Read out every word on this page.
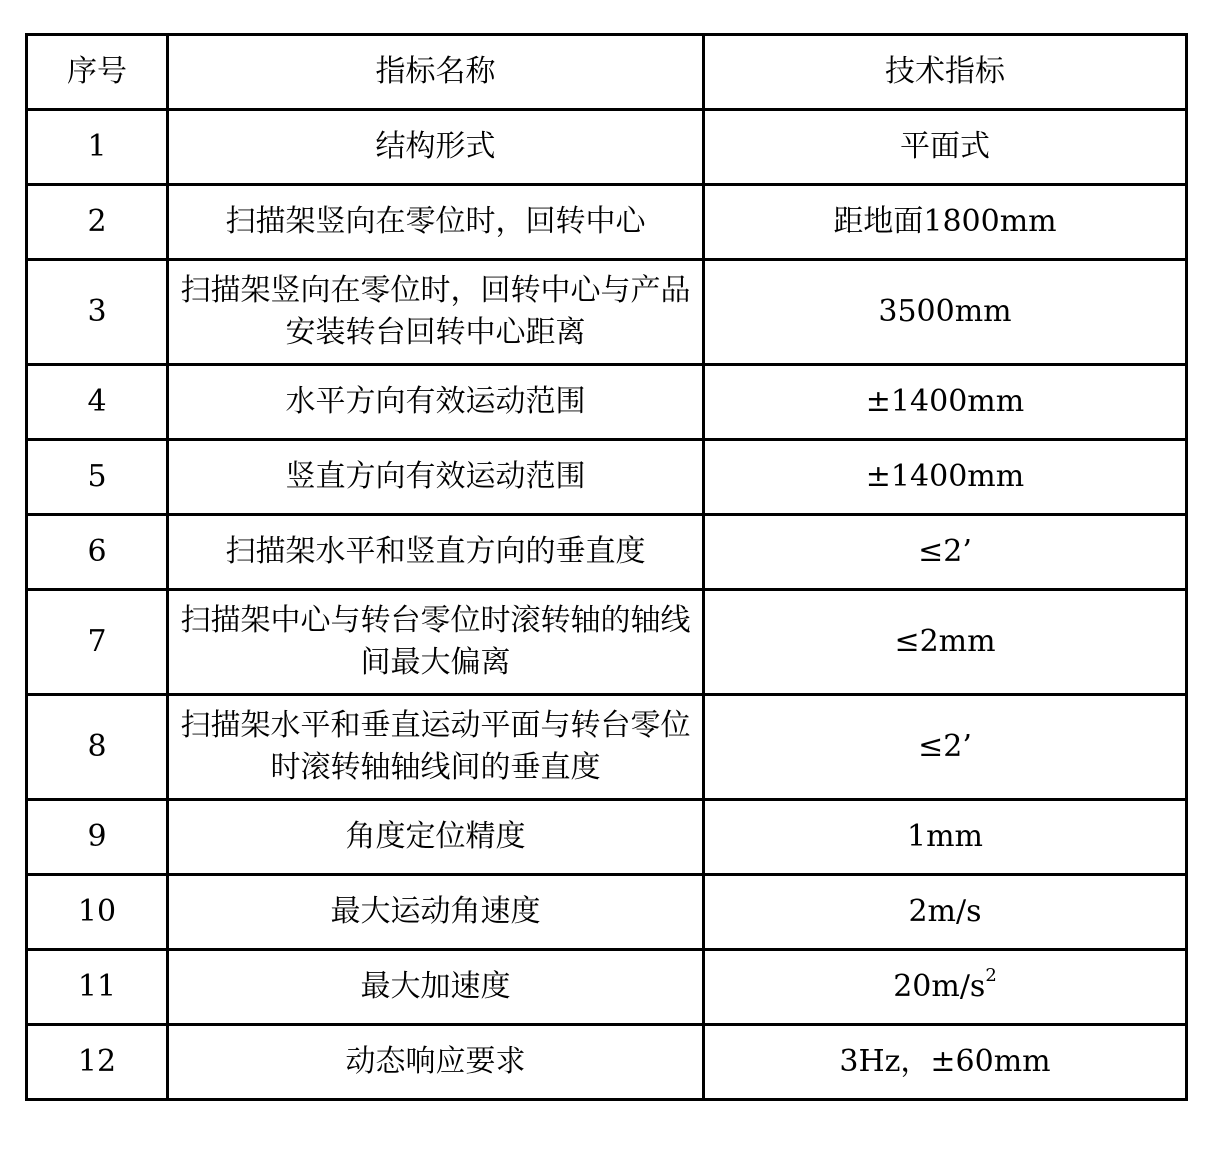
序号	指标名称	技术指标
1	结构形式	平面式
2	扫描架竖向在零位时，回转中心	距地面1800mm
3	扫描架竖向在零位时，回转中心与产品安装转台回转中心距离	3500mm
4	水平方向有效运动范围	±1400mm
5	竖直方向有效运动范围	±1400mm
6	扫描架水平和竖直方向的垂直度	≤2’
7	扫描架中心与转台零位时滚转轴的轴线间最大偏离	≤2mm
8	扫描架水平和垂直运动平面与转台零位时滚转轴轴线间的垂直度	≤2’
9	角度定位精度	1mm
10	最大运动角速度	2m/s
11	最大加速度	$20m/s^2$
12	动态响应要求	3Hz，±60mm
